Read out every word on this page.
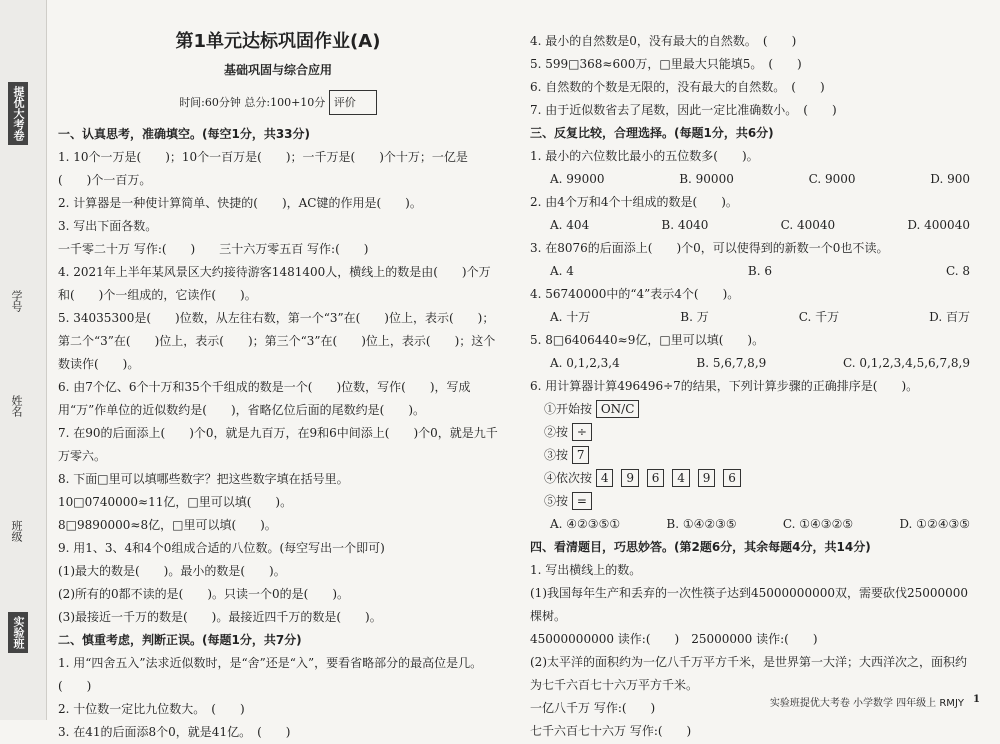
提优大考卷
学号
姓名
班级
实验班
第1单元达标巩固作业(A)
基础巩固与综合应用
时间:60分钟 总分:100+10分 评价
一、认真思考，准确填空。(每空1分，共33分)
1. 10个一万是(　　)；10个一百万是(　　)；一千万是(　　)个十万；一亿是(　　)个一百万。
2. 计算器是一种使计算简单、快捷的(　　)，AC键的作用是(　　)。
3. 写出下面各数。
一千零二十万 写作:(　　)　　三十六万零五百 写作:(　　)
4. 2021年上半年某风景区大约接待游客1481400人，横线上的数是由(　　)个万和(　　)个一组成的，它读作(　　)。
5. 34035300是(　　)位数，从左往右数，第一个“3”在(　　)位上，表示(　　)；第二个“3”在(　　)位上，表示(　　)；第三个“3”在(　　)位上，表示(　　)；这个数读作(　　)。
6. 由7个亿、6个十万和35个千组成的数是一个(　　)位数，写作(　　)，写成用“万”作单位的近似数约是(　　)，省略亿位后面的尾数约是(　　)。
7. 在90的后面添上(　　)个0，就是九百万，在9和6中间添上(　　)个0，就是九千万零六。
8. 下面□里可以填哪些数字？把这些数字填在括号里。
10□0740000≈11亿，□里可以填(　　)。
8□9890000≈8亿，□里可以填(　　)。
9. 用1、3、4和4个0组成合适的八位数。(每空写出一个即可)
(1)最大的数是(　　)。最小的数是(　　)。
(2)所有的0都不读的是(　　)。只读一个0的是(　　)。
(3)最接近一千万的数是(　　)。最接近四千万的数是(　　)。
二、慎重考虑，判断正误。(每题1分，共7分)
1. 用“四舍五入”法求近似数时，是“舍”还是“入”，要看省略部分的最高位是几。　(　　)
2. 十位数一定比九位数大。　(　　)
3. 在41的后面添8个0，就是41亿。　(　　)
4. 最小的自然数是0，没有最大的自然数。　(　　)
5. 599□368≈600万，□里最大只能填5。　(　　)
6. 自然数的个数是无限的，没有最大的自然数。　(　　)
7. 由于近似数省去了尾数，因此一定比准确数小。　(　　)
三、反复比较，合理选择。(每题1分，共6分)
1. 最小的六位数比最小的五位数多(　　)。
A. 99000	B. 90000	C. 9000	D. 900
2. 由4个万和4个十组成的数是(　　)。
A. 404	B. 4040	C. 40040	D. 400040
3. 在8076的后面添上(　　)个0，可以使得到的新数一个0也不读。
A. 4	B. 6	C. 8
4. 56740000中的“4”表示4个(　　)。
A. 十万	B. 万	C. 千万	D. 百万
5. 8□6406440≈9亿，□里可以填(　　)。
A. 0,1,2,3,4	B. 5,6,7,8,9	C. 0,1,2,3,4,5,6,7,8,9
6. 用计算器计算496496÷7的结果，下列计算步骤的正确排序是(　　)。
①开始按 ON/C
②按 ÷
③按 7
④依次按 4 9 6 4 9 6
⑤按 =
A. ④②③⑤①	B. ①④②③⑤	C. ①④③②⑤	D. ①②④③⑤
四、看清题目，巧思妙答。(第2题6分，其余每题4分，共14分)
1. 写出横线上的数。
(1)我国每年生产和丢弃的一次性筷子达到45000000000双，需要砍伐25000000棵树。
45000000000 读作:(　　)　25000000 读作:(　　)
(2)太平洋的面积约为一亿八千万平方千米，是世界第一大洋；大西洋次之，面积约为七千六百七十六万平方千米。
一亿八千万 写作:(　　)
七千六百七十六万 写作:(　　)
实验班提优大考卷 小学数学 四年级上 RMJY 1
